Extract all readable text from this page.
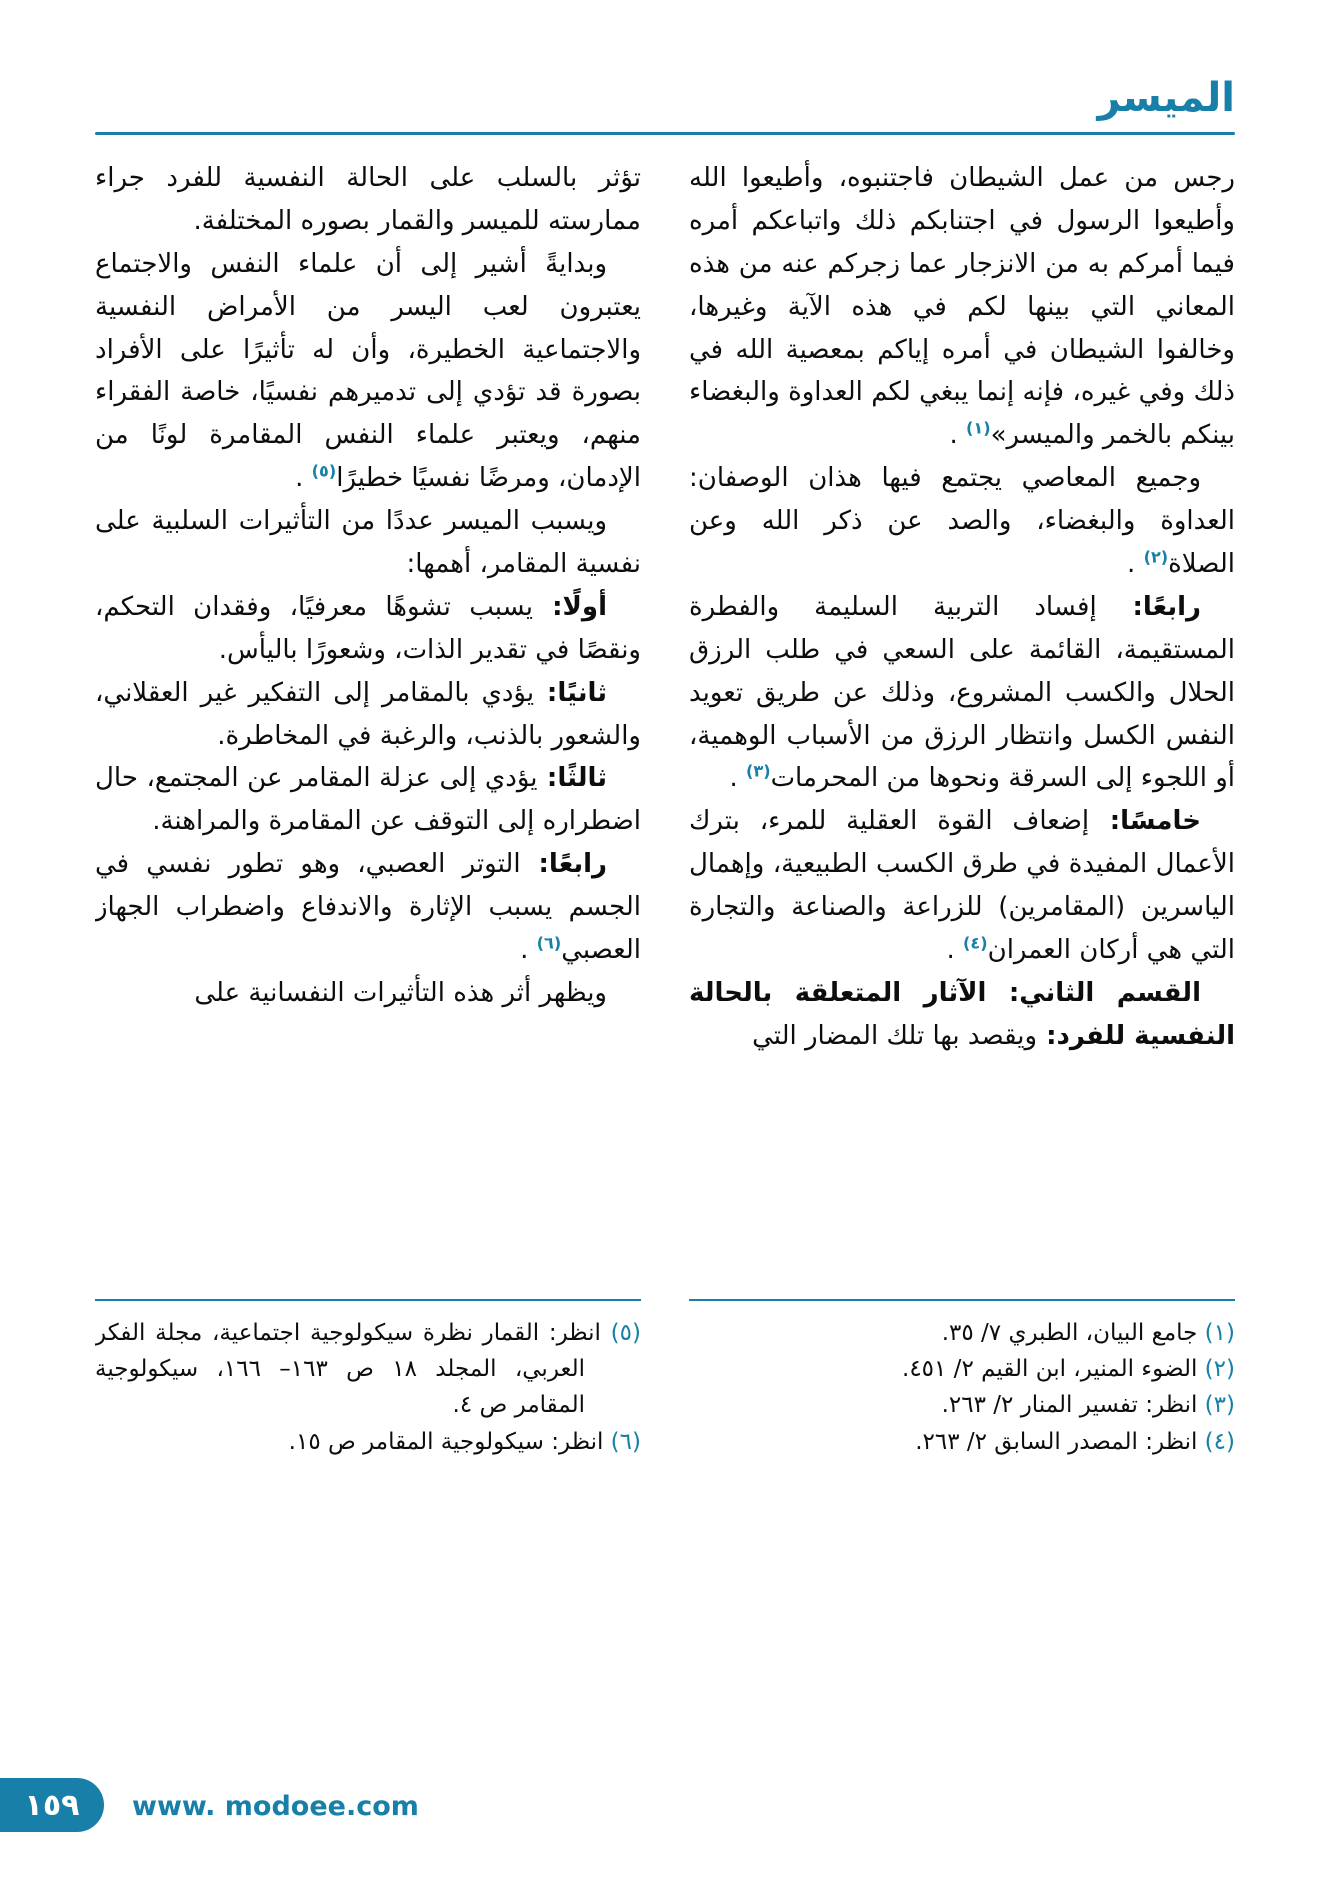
الميسر

رجس من عمل الشيطان فاجتنبوه، وأطيعوا الله وأطيعوا الرسول في اجتنابكم ذلك واتباعكم أمره فيما أمركم به من الانزجار عما زجركم عنه من هذه المعاني التي بينها لكم في هذه الآية وغيرها، وخالفوا الشيطان في أمره إياكم بمعصية الله في ذلك وفي غيره، فإنه إنما يبغي لكم العداوة والبغضاء بينكم بالخمر والميسر»$^{(١)}$ .

وجميع المعاصي يجتمع فيها هذان الوصفان: العداوة والبغضاء، والصد عن ذكر الله وعن الصلاة$^{(٢)}$ .

رابعًا: إفساد التربية السليمة والفطرة المستقيمة، القائمة على السعي في طلب الرزق الحلال والكسب المشروع، وذلك عن طريق تعويد النفس الكسل وانتظار الرزق من الأسباب الوهمية، أو اللجوء إلى السرقة ونحوها من المحرمات$^{(٣)}$ .

خامسًا: إضعاف القوة العقلية للمرء، بترك الأعمال المفيدة في طرق الكسب الطبيعية، وإهمال الياسرين (المقامرين) للزراعة والصناعة والتجارة التي هي أركان العمران$^{(٤)}$ .

القسم الثاني: الآثار المتعلقة بالحالة النفسية للفرد: ويقصد بها تلك المضار التي

(١) جامع البيان، الطبري ٧/ ٣٥.
(٢) الضوء المنير، ابن القيم ٢/ ٤٥١.
(٣) انظر: تفسير المنار ٢/ ٢٦٣.
(٤) انظر: المصدر السابق ٢/ ٢٦٣.

تؤثر بالسلب على الحالة النفسية للفرد جراء ممارسته للميسر والقمار بصوره المختلفة.

وبدايةً أشير إلى أن علماء النفس والاجتماع يعتبرون لعب اليسر من الأمراض النفسية والاجتماعية الخطيرة، وأن له تأثيرًا على الأفراد بصورة قد تؤدي إلى تدميرهم نفسيًا، خاصة الفقراء منهم، ويعتبر علماء النفس المقامرة لونًا من الإدمان، ومرضًا نفسيًا خطيرًا$^{(٥)}$ .

ويسبب الميسر عددًا من التأثيرات السلبية على نفسية المقامر، أهمها:

أولًا: يسبب تشوهًا معرفيًا، وفقدان التحكم، ونقصًا في تقدير الذات، وشعورًا باليأس.

ثانيًا: يؤدي بالمقامر إلى التفكير غير العقلاني، والشعور بالذنب، والرغبة في المخاطرة.

ثالثًا: يؤدي إلى عزلة المقامر عن المجتمع، حال اضطراره إلى التوقف عن المقامرة والمراهنة.

رابعًا: التوتر العصبي، وهو تطور نفسي في الجسم يسبب الإثارة والاندفاع واضطراب الجهاز العصبي$^{(٦)}$ .

ويظهر أثر هذه التأثيرات النفسانية على

(٥) انظر: القمار نظرة سيكولوجية اجتماعية، مجلة الفكر العربي، المجلد ١٨ ص ١٦٣– ١٦٦، سيكولوجية المقامر ص ٤.
(٦) انظر: سيكولوجية المقامر ص ١٥.
١٥٩ www. modoee.com
